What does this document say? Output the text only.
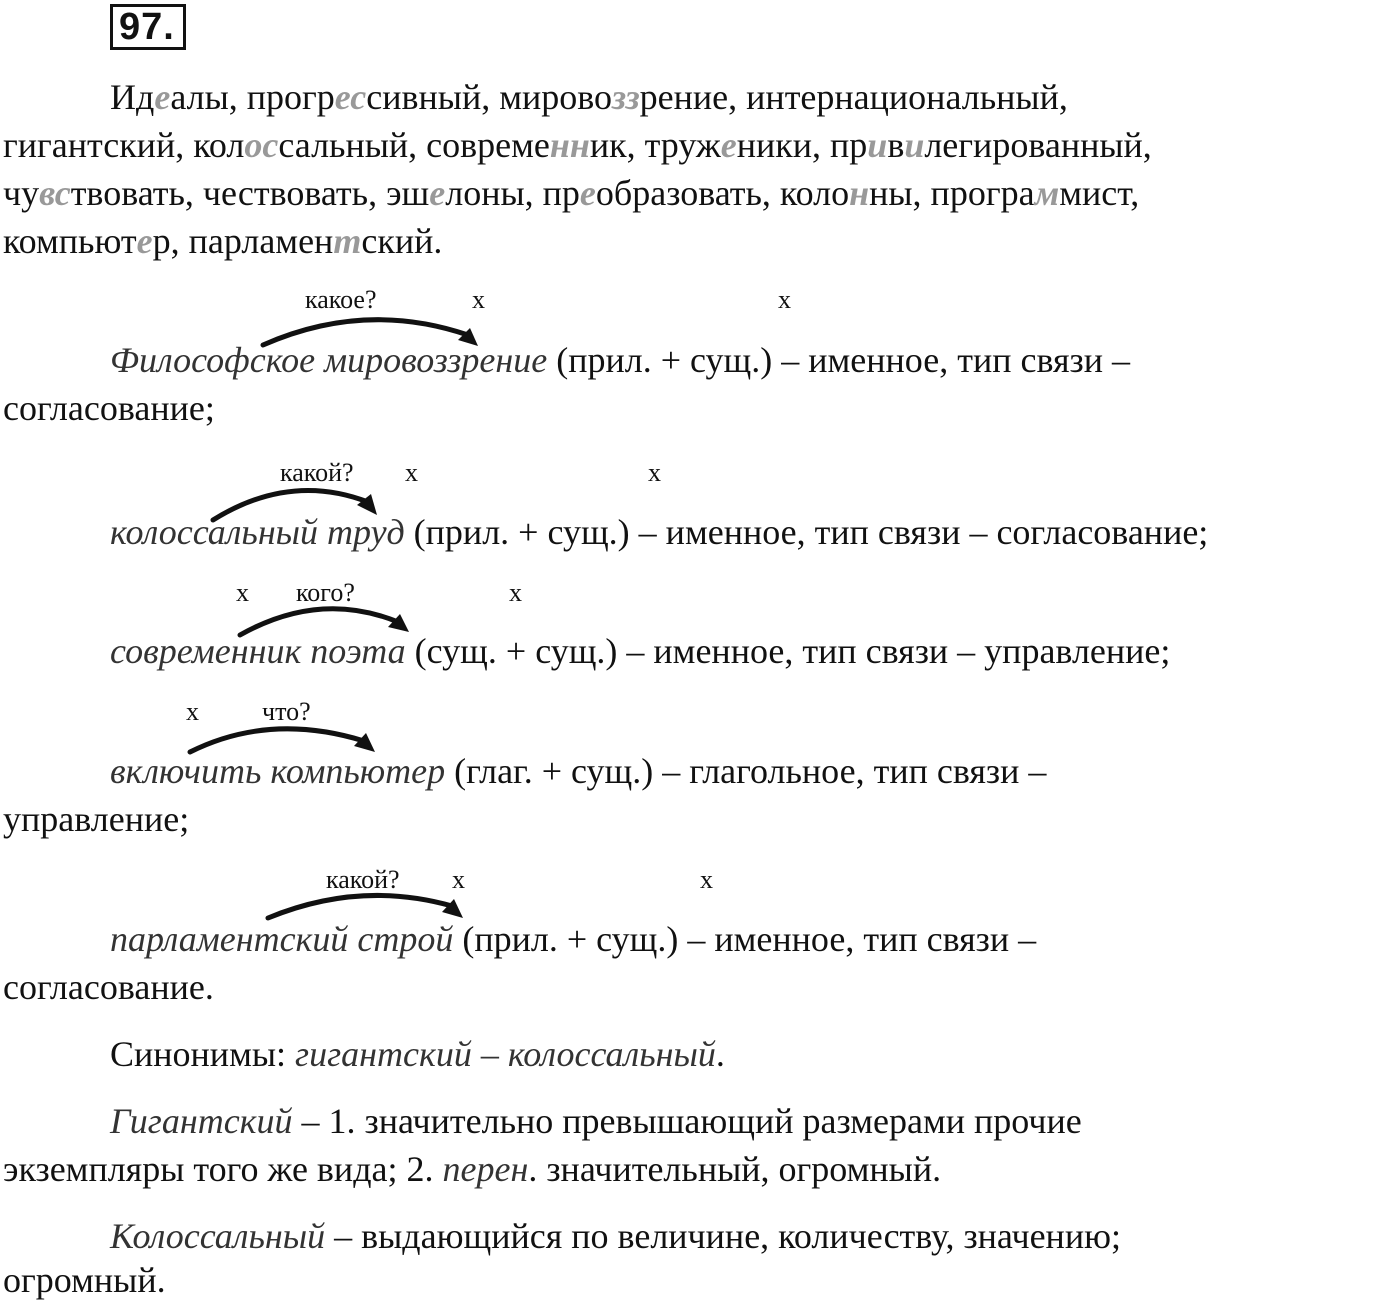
97.
Идеалы, прогрессивный, мировоззрение, интернациональный,
гигантский, колоссальный, современник, труженики, привилегированный,
чувствовать, чествовать, эшелоны, преобразовать, колонны, программист,
компьютер, парламентский.
какое?	x	x
Философское мировоззрение (прил. + сущ.) – именное, тип связи –
согласование;
какой? x	x
колоссальный труд (прил. + сущ.) – именное, тип связи – согласование;
x кого?	x
современник поэта (сущ. + сущ.) – именное, тип связи – управление;
x что?
включить компьютер (глаг. + сущ.) – глагольное, тип связи –
управление;
какой? x	x
парламентский строй (прил. + сущ.) – именное, тип связи –
согласование.
Синонимы: гигантский – колоссальный.
Гигантский – 1. значительно превышающий размерами прочие
экземпляры того же вида; 2. перен. значительный, огромный.
Колоссальный – выдающийся по величине, количеству, значению;
огромный.
